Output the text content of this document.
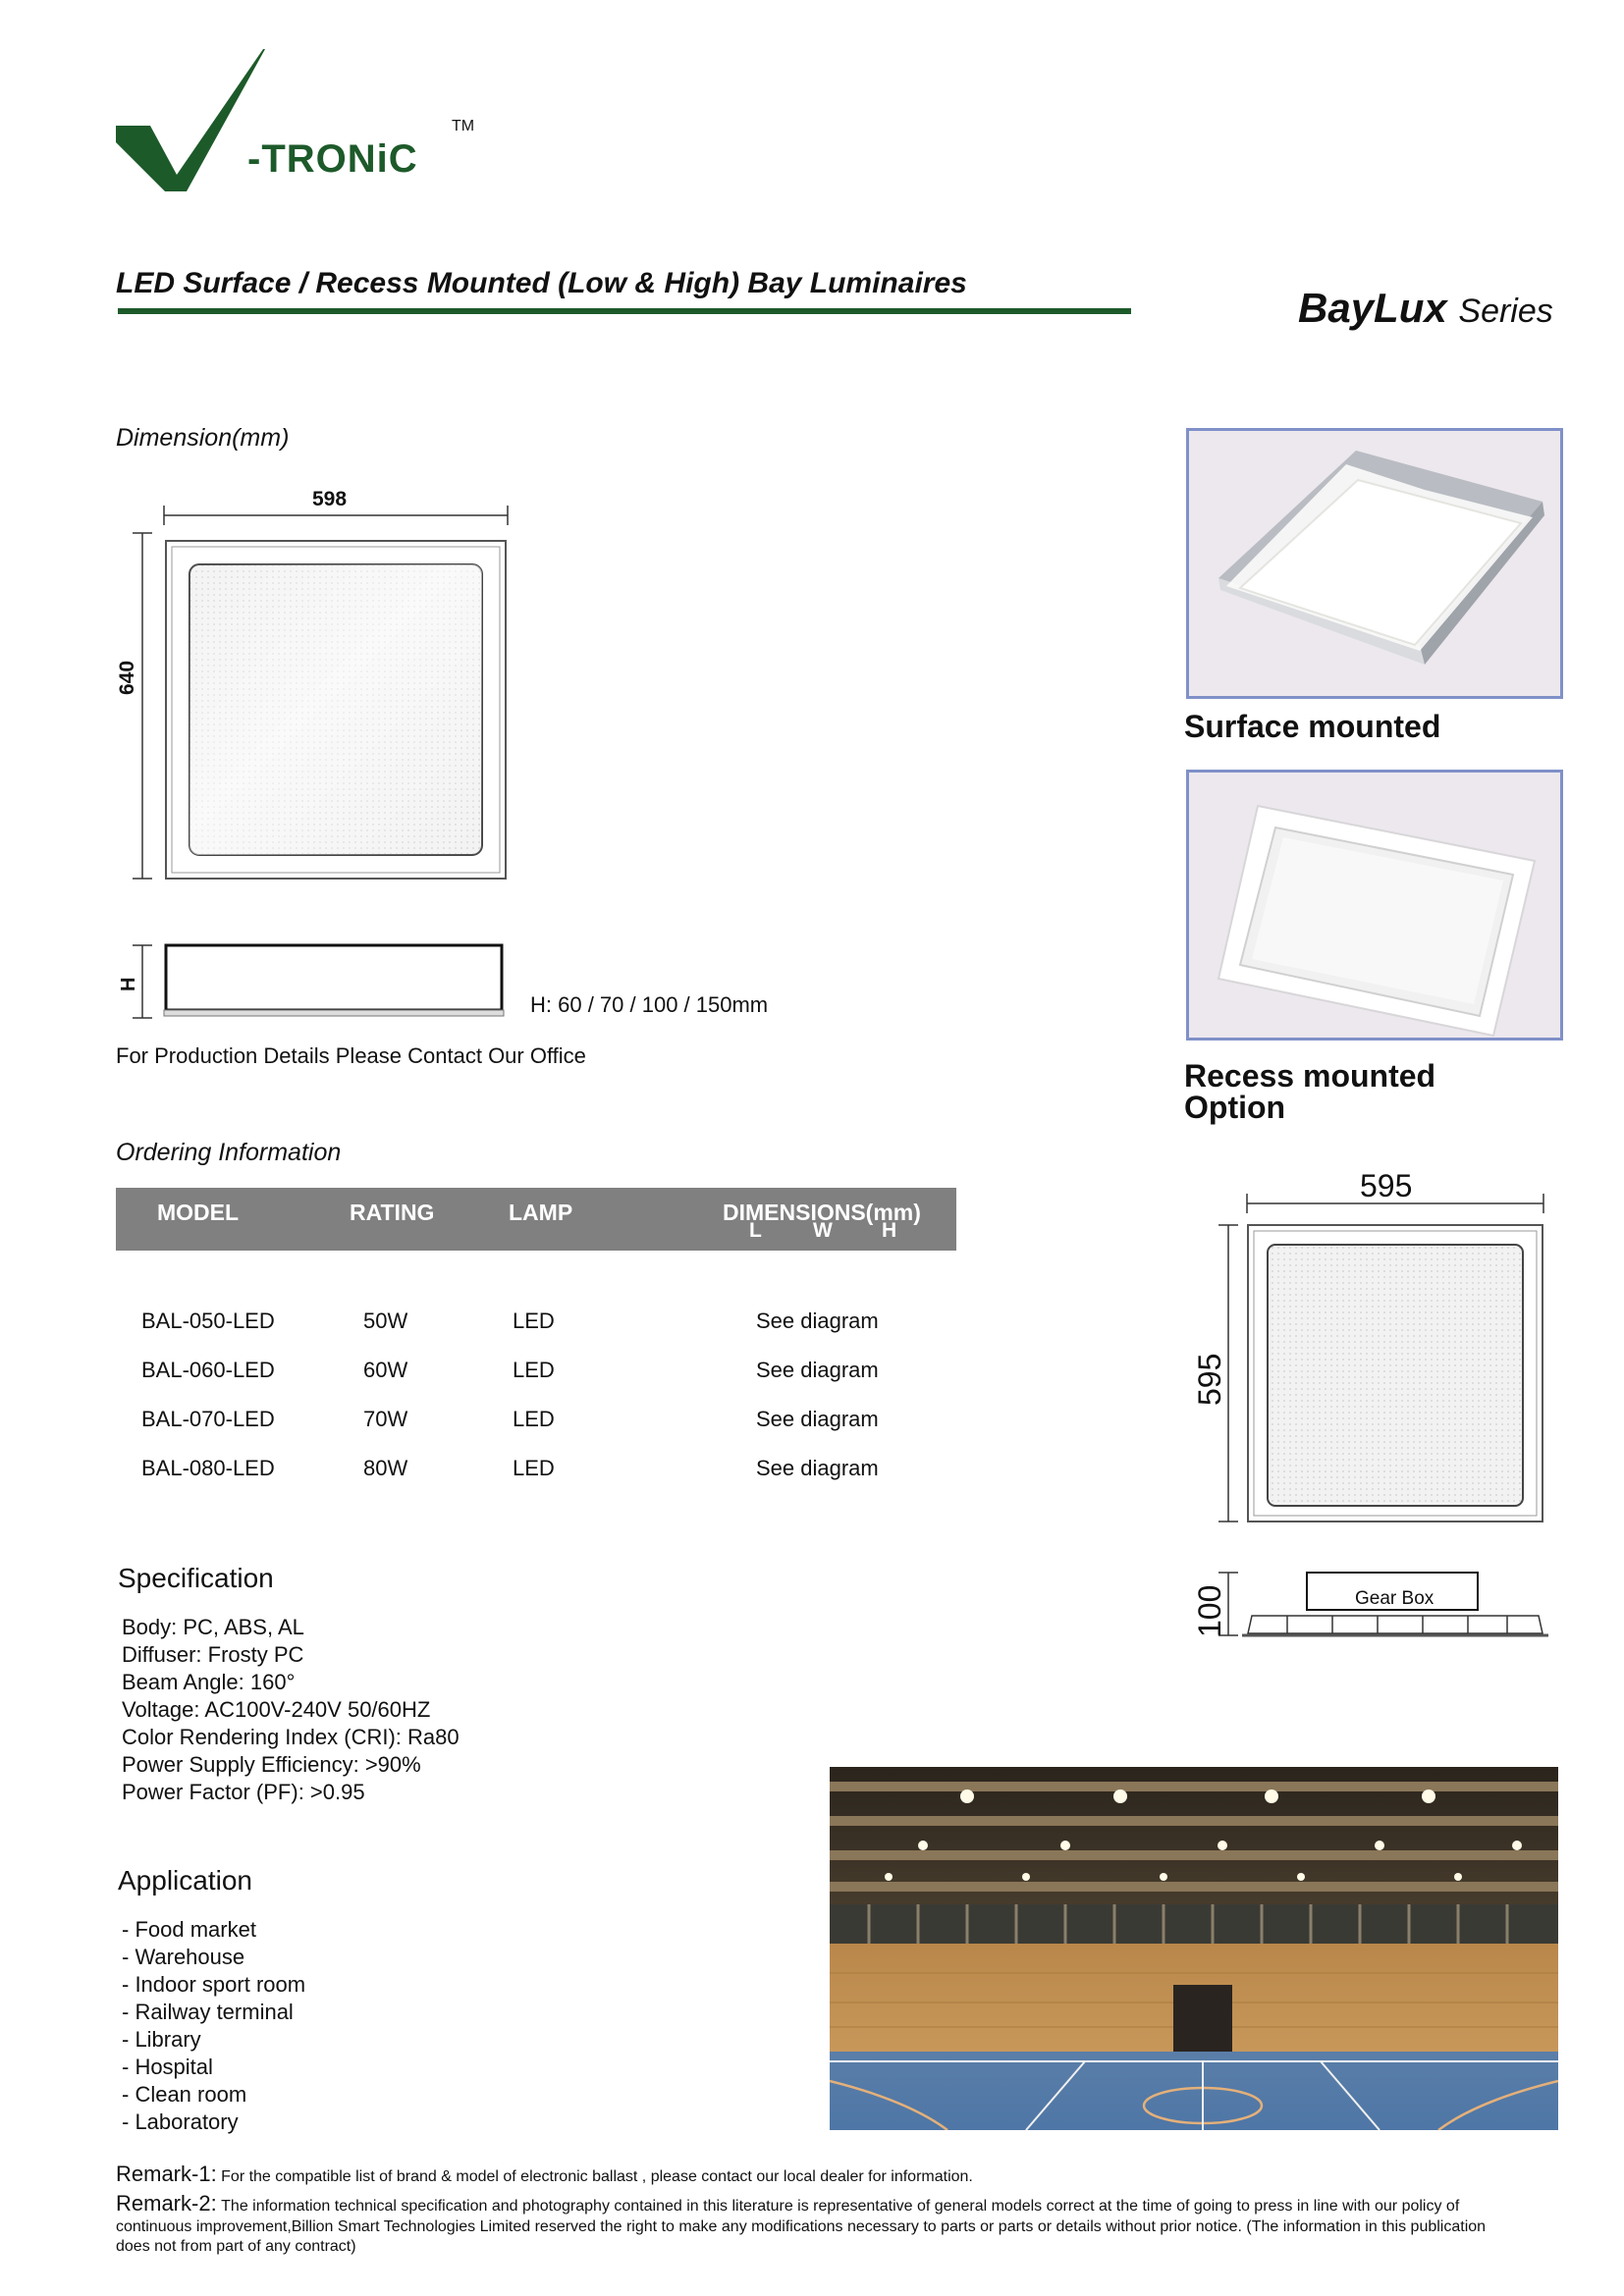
-TRONiC
TM
LED Surface / Recess Mounted (Low & High) Bay Luminaires
BayLux Series
Dimension(mm)
598
640
H
H: 60 / 70 / 100 / 150mm
For Production Details Please Contact Our Office
Surface mounted
Recess mounted
Option
595
595
100	Gear Box
Ordering Information
MODEL	RATING	LAMP	DIMENSIONS(mm)
L W H
BAL-050-LED	50W	LED	See diagram
BAL-060-LED	60W	LED	See diagram
BAL-070-LED	70W	LED	See diagram
BAL-080-LED	80W	LED	See diagram
Specification
Body: PC, ABS, AL
Diffuser: Frosty PC
Beam Angle: 160°
Voltage: AC100V-240V 50/60HZ
Color Rendering Index (CRI): Ra80
Power Supply Efficiency: >90%
Power Factor (PF): >0.95
Application
- Food market
- Warehouse
- Indoor sport room
- Railway terminal
- Library
- Hospital
- Clean room
- Laboratory
Remark-1: For the compatible list of brand & model of electronic ballast , please contact our local dealer for information.
Remark-2: The information technical specification and photography contained in this literature is representative of general models correct at the time of going to press in line with our policy of
continuous improvement,Billion Smart Technologies Limited reserved the right to make any modifications necessary to parts or parts or details without prior notice. (The information in this publication
does not from part of any contract)
